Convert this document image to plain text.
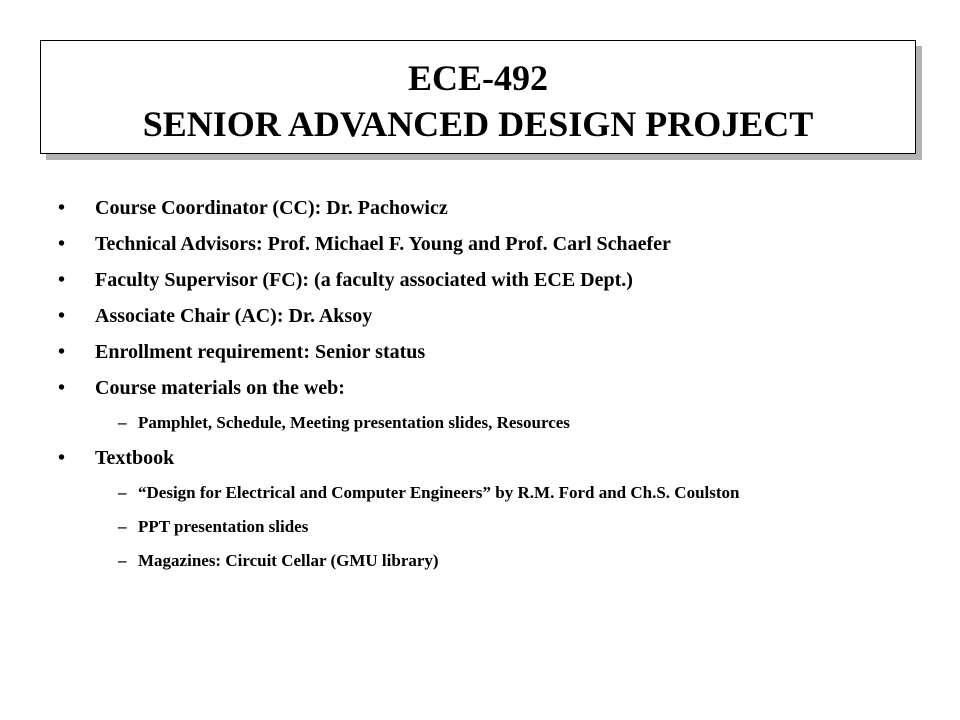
ECE-492
SENIOR ADVANCED DESIGN PROJECT
•	Course Coordinator (CC): Dr. Pachowicz
•	Technical Advisors: Prof. Michael F. Young and Prof. Carl Schaefer
•	Faculty Supervisor (FC): (a faculty associated with ECE Dept.)
•	Associate Chair (AC): Dr. Aksoy
•	Enrollment requirement: Senior status
•	Course materials on the web:
– Pamphlet, Schedule, Meeting presentation slides, Resources
•	Textbook
– “Design for Electrical and Computer Engineers” by R.M. Ford and Ch.S. Coulston
– PPT presentation slides
– Magazines: Circuit Cellar (GMU library)
